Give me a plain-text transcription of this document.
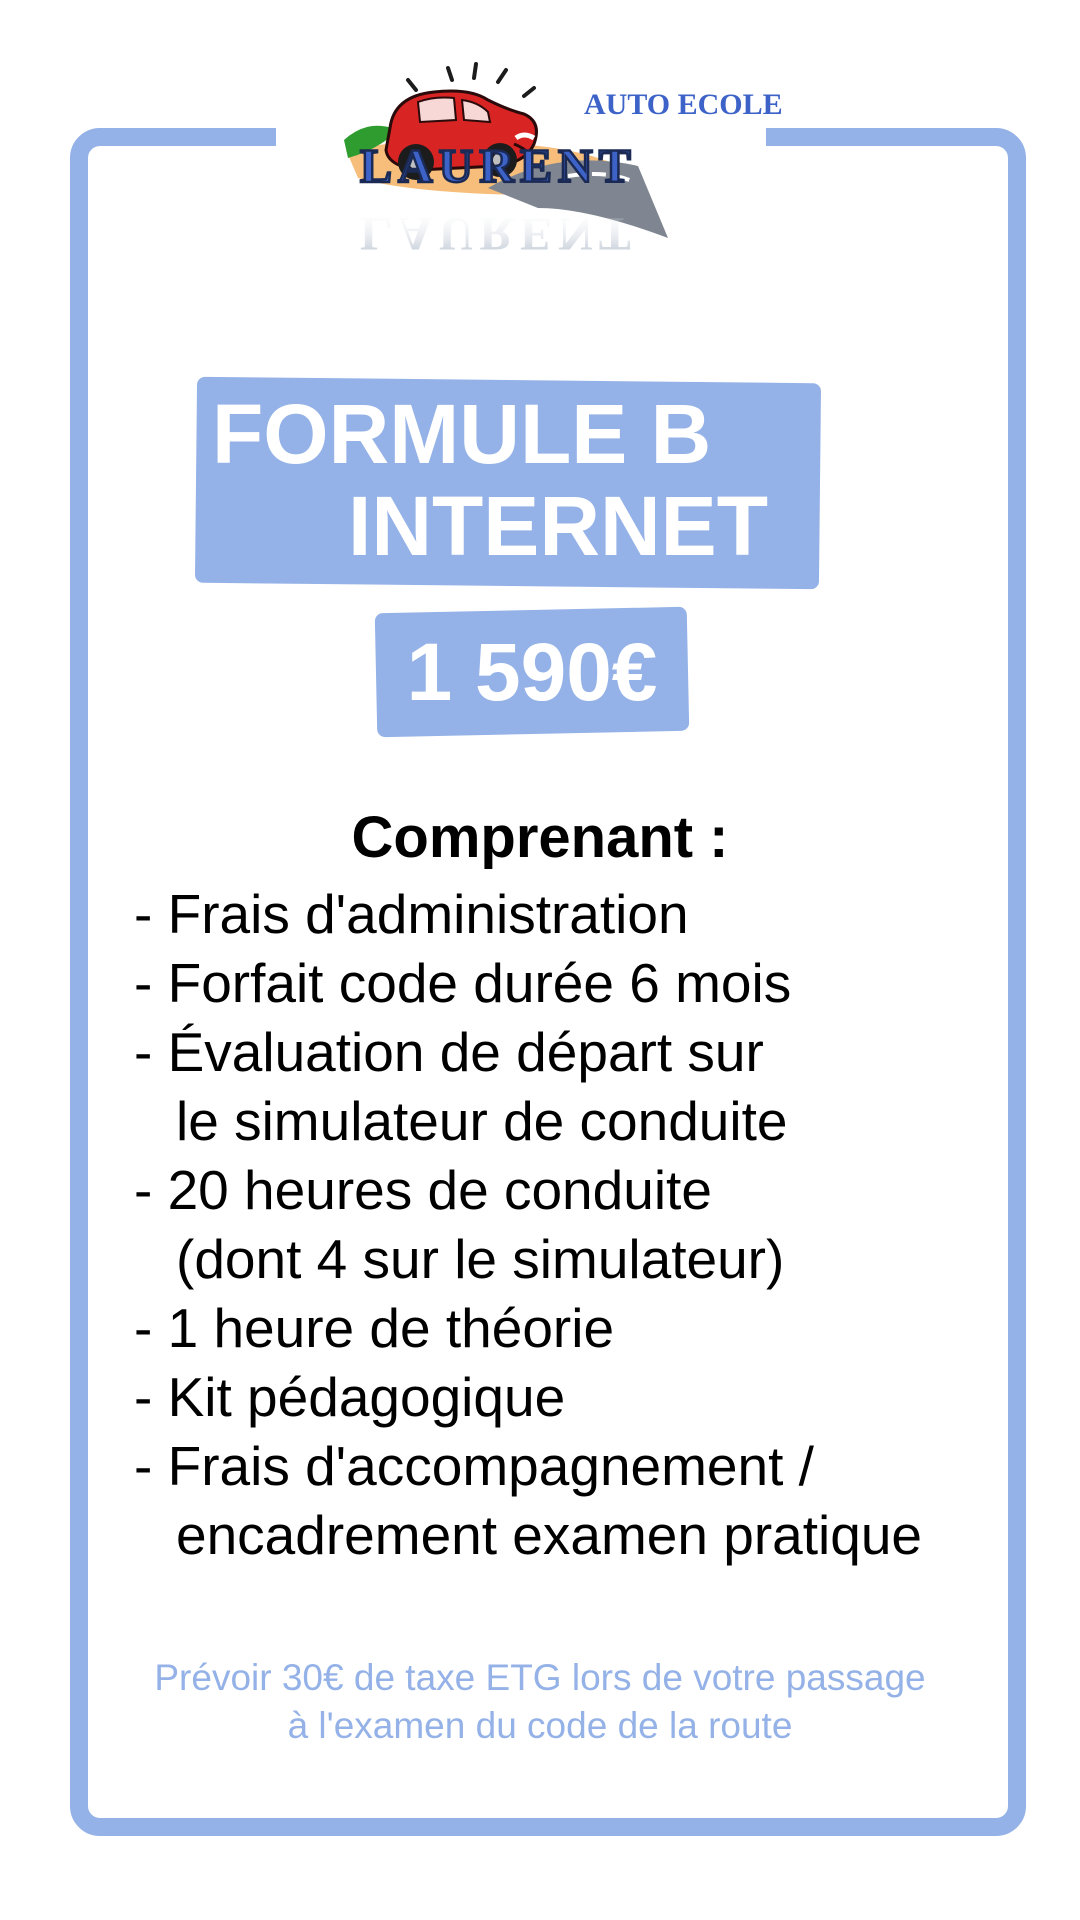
AUTO ECOLE
LAURENT
LAURENT
FORMULE B
INTERNET
1 590€
Comprenant :
- Frais d'administration
- Forfait code durée 6 mois
- Évaluation de départ sur
le simulateur de conduite
- 20 heures de conduite
(dont 4 sur le simulateur)
- 1 heure de théorie
- Kit pédagogique
- Frais d'accompagnement /
encadrement examen pratique
Prévoir 30€ de taxe ETG lors de votre passage
à l'examen du code de la route
